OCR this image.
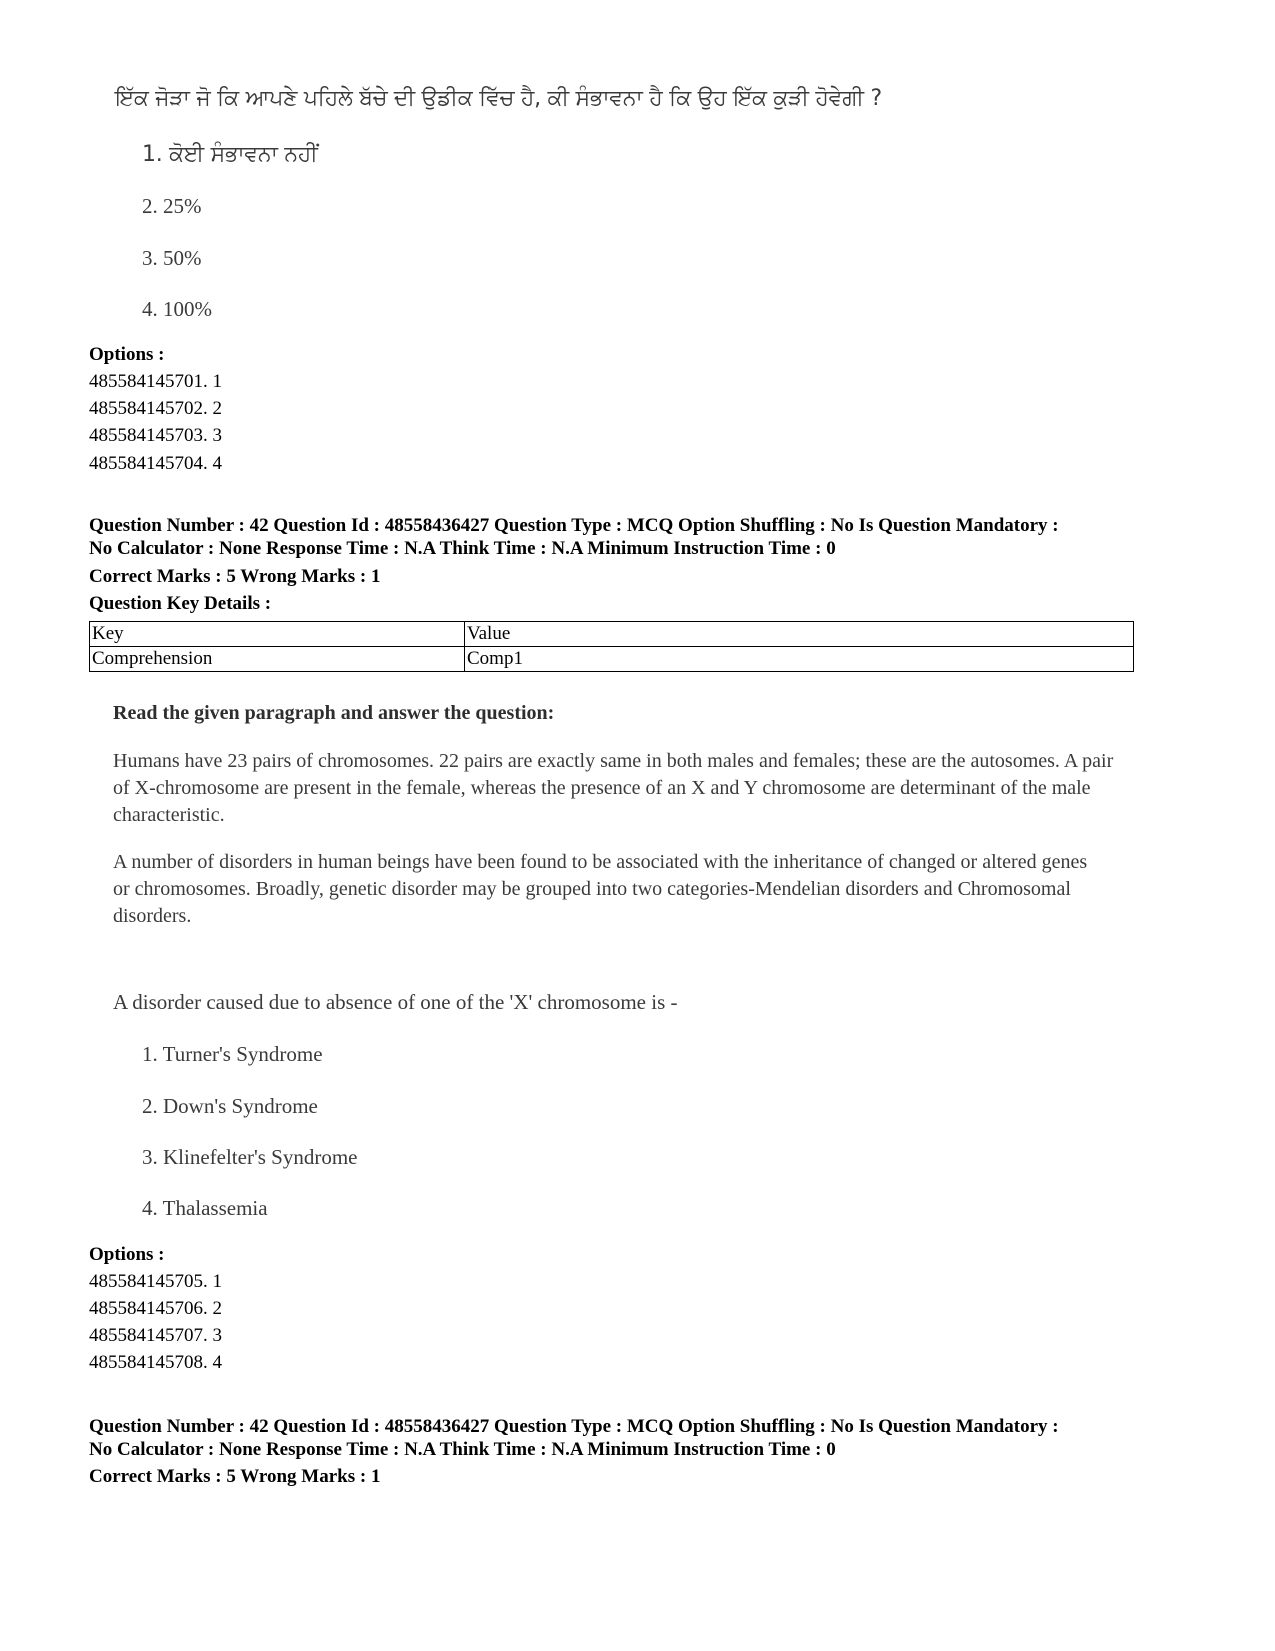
ਇੱਕ ਜੋੜਾ ਜੋ ਕਿ ਆਪਣੇ ਪਹਿਲੇ ਬੱਚੇ ਦੀ ਉਡੀਕ ਵਿੱਚ ਹੈ, ਕੀ ਸੰਭਾਵਨਾ ਹੈ ਕਿ ਉਹ ਇੱਕ ਕੁੜੀ ਹੋਵੇਗੀ ?
1. ਕੋਈ ਸੰਭਾਵਨਾ ਨਹੀਂ
2. 25%
3. 50%
4. 100%
Options :
485584145701. 1
485584145702. 2
485584145703. 3
485584145704. 4
Question Number : 42 Question Id : 48558436427 Question Type : MCQ Option Shuffling : No Is Question Mandatory :
No Calculator : None Response Time : N.A Think Time : N.A Minimum Instruction Time : 0
Correct Marks : 5 Wrong Marks : 1
Question Key Details :
Key	Value
Comprehension	Comp1
Read the given paragraph and answer the question:
Humans have 23 pairs of chromosomes. 22 pairs are exactly same in both males and females; these are the autosomes. A pair of X-chromosome are present in the female, whereas the presence of an X and Y chromosome are determinant of the male characteristic.
A number of disorders in human beings have been found to be associated with the inheritance of changed or altered genes or chromosomes. Broadly, genetic disorder may be grouped into two categories-Mendelian disorders and Chromosomal disorders.
A disorder caused due to absence of one of the 'X' chromosome is -
1. Turner's Syndrome
2. Down's Syndrome
3. Klinefelter's Syndrome
4. Thalassemia
Options :
485584145705. 1
485584145706. 2
485584145707. 3
485584145708. 4
Question Number : 42 Question Id : 48558436427 Question Type : MCQ Option Shuffling : No Is Question Mandatory :
No Calculator : None Response Time : N.A Think Time : N.A Minimum Instruction Time : 0
Correct Marks : 5 Wrong Marks : 1
